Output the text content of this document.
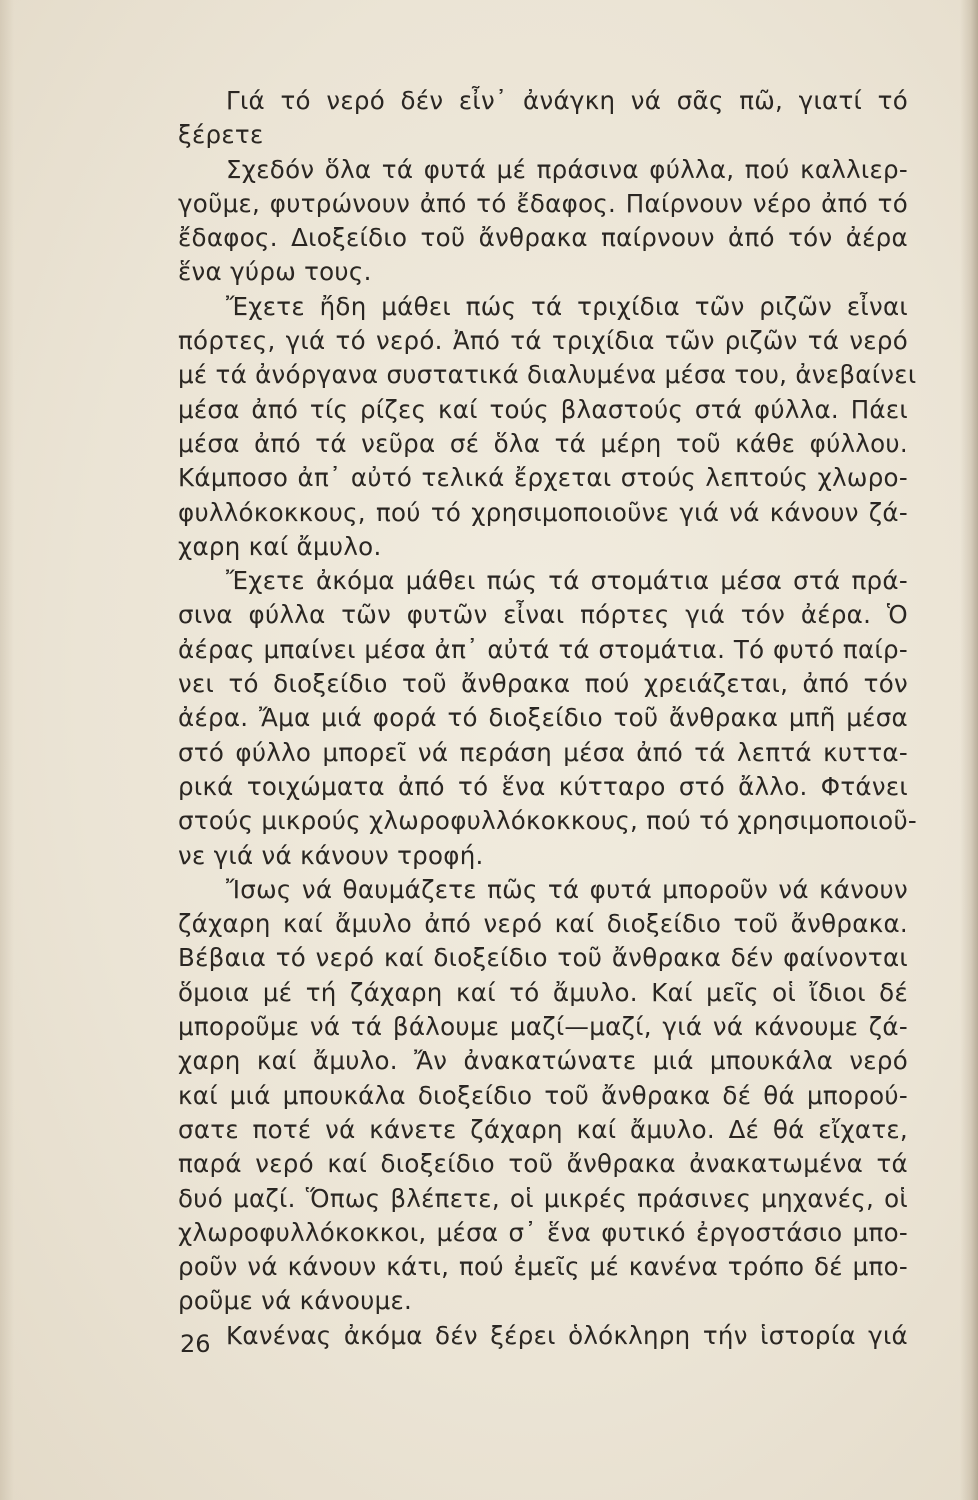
Γιά τό νερό δέν εἶν᾽ ἀνάγκη νά σᾶς πῶ, γιατί τό
ξέρετε
Σχεδόν ὅλα τά φυτά μέ πράσινα φύλλα, πού καλλιερ-
γοῦμε, φυτρώνουν ἀπό τό ἔδαφος. Παίρνουν νέρο ἀπό τό
ἔδαφος. Διοξείδιο τοῦ ἄνθρακα παίρνουν ἀπό τόν ἀέρα
ἕνα γύρω τους.
Ἔχετε ἤδη μάθει πώς τά τριχίδια τῶν ριζῶν εἶναι
πόρτες, γιά τό νερό. Ἀπό τά τριχίδια τῶν ριζῶν τά νερό
μέ τά ἀνόργανα συστατικά διαλυμένα μέσα του, ἀνεβαίνει
μέσα ἀπό τίς ρίζες καί τούς βλαστούς στά φύλλα. Πάει
μέσα ἀπό τά νεῦρα σέ ὅλα τά μέρη τοῦ κάθε φύλλου.
Κάμποσο ἀπ᾽ αὐτό τελικά ἔρχεται στούς λεπτούς χλωρο-
φυλλόκοκκους, πού τό χρησιμοποιοῦνε γιά νά κάνουν ζά-
χαρη καί ἄμυλο.
Ἔχετε ἀκόμα μάθει πώς τά στομάτια μέσα στά πρά-
σινα φύλλα τῶν φυτῶν εἶναι πόρτες γιά τόν ἀέρα. Ὁ
ἀέρας μπαίνει μέσα ἀπ᾽ αὐτά τά στομάτια. Τό φυτό παίρ-
νει τό διοξείδιο τοῦ ἄνθρακα πού χρειάζεται, ἀπό τόν
ἀέρα. Ἄμα μιά φορά τό διοξείδιο τοῦ ἄνθρακα μπῆ μέσα
στό φύλλο μπορεῖ νά περάση μέσα ἀπό τά λεπτά κυττα-
ρικά τοιχώματα ἀπό τό ἕνα κύτταρο στό ἄλλο. Φτάνει
στούς μικρούς χλωροφυλλόκοκκους, πού τό χρησιμοποιοῦ-
νε γιά νά κάνουν τροφή.
Ἴσως νά θαυμάζετε πῶς τά φυτά μποροῦν νά κάνουν
ζάχαρη καί ἄμυλο ἀπό νερό καί διοξείδιο τοῦ ἄνθρακα.
Βέβαια τό νερό καί διοξείδιο τοῦ ἄνθρακα δέν φαίνονται
ὅμοια μέ τή ζάχαρη καί τό ἄμυλο. Καί μεῖς οἱ ἴδιοι δέ
μποροῦμε νά τά βάλουμε μαζί—μαζί, γιά νά κάνουμε ζά-
χαρη καί ἄμυλο. Ἄν ἀνακατώνατε μιά μπουκάλα νερό
καί μιά μπουκάλα διοξείδιο τοῦ ἄνθρακα δέ θά μπορού-
σατε ποτέ νά κάνετε ζάχαρη καί ἄμυλο. Δέ θά εἴχατε,
παρά νερό καί διοξείδιο τοῦ ἄνθρακα ἀνακατωμένα τά
δυό μαζί. Ὅπως βλέπετε, οἱ μικρές πράσινες μηχανές, οἱ
χλωροφυλλόκοκκοι, μέσα σ᾽ ἕνα φυτικό ἐργοστάσιο μπο-
ροῦν νά κάνουν κάτι, πού ἐμεῖς μέ κανένα τρόπο δέ μπο-
ροῦμε νά κάνουμε.
Κανένας ἀκόμα δέν ξέρει ὁλόκληρη τήν ἱστορία γιά
26
